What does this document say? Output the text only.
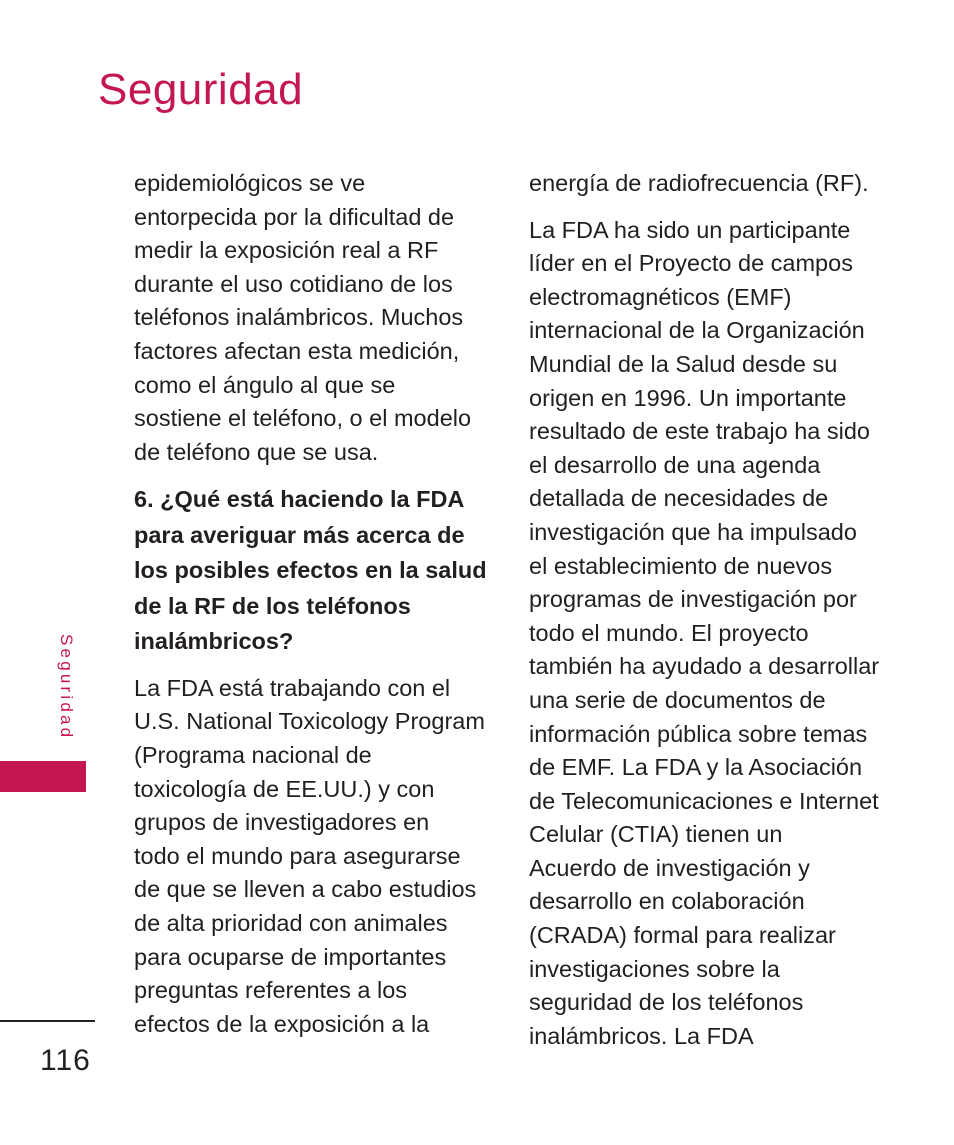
Seguridad

epidemiológicos se ve
entorpecida por la dificultad de
medir la exposición real a RF
durante el uso cotidiano de los
teléfonos inalámbricos. Muchos
factores afectan esta medición,
como el ángulo al que se
sostiene el teléfono, o el modelo
de teléfono que se usa.

6. ¿Qué está haciendo la FDA
para averiguar más acerca de
los posibles efectos en la salud
de la RF de los teléfonos
inalámbricos?

La FDA está trabajando con el
U.S. National Toxicology Program
(Programa nacional de
toxicología de EE.UU.) y con
grupos de investigadores en
todo el mundo para asegurarse
de que se lleven a cabo estudios
de alta prioridad con animales
para ocuparse de importantes
preguntas referentes a los
efectos de la exposición a la

energía de radiofrecuencia (RF).

La FDA ha sido un participante
líder en el Proyecto de campos
electromagnéticos (EMF)
internacional de la Organización
Mundial de la Salud desde su
origen en 1996. Un importante
resultado de este trabajo ha sido
el desarrollo de una agenda
detallada de necesidades de
investigación que ha impulsado
el establecimiento de nuevos
programas de investigación por
todo el mundo. El proyecto
también ha ayudado a desarrollar
una serie de documentos de
información pública sobre temas
de EMF. La FDA y la Asociación
de Telecomunicaciones e Internet
Celular (CTIA) tienen un
Acuerdo de investigación y
desarrollo en colaboración
(CRADA) formal para realizar
investigaciones sobre la
seguridad de los teléfonos
inalámbricos. La FDA

Seguridad
116
